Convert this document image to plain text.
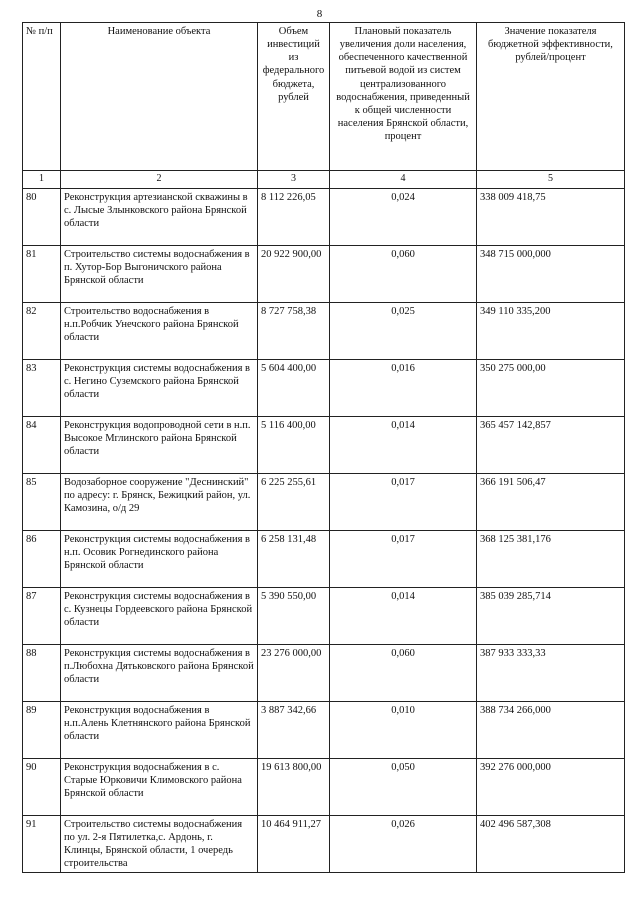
8
№ п/п	Наименование объекта	Объем инвестиций из федерального бюджета, рублей	Плановый показатель увеличения доли населения, обеспеченного качественной питьевой водой из систем централизованного водоснабжения, приведенный к общей численности населения Брянской области, процент	Значение показателя бюджетной эффективности, рублей/процент
1	2	3	4	5
80	Реконструкция артезианской скважины в с. Лысые Злынковского района Брянской области	8 112 226,05	0,024	338 009 418,75
81	Строительство системы водоснабжения в п. Хутор-Бор Выгоничского района Брянской области	20 922 900,00	0,060	348 715 000,000
82	Строительство водоснабжения в н.п.Робчик Унечского района Брянской области	8 727 758,38	0,025	349 110 335,200
83	Реконструкция системы водоснабжения в с. Негино Суземского района Брянской области	5 604 400,00	0,016	350 275 000,00
84	Реконструкция водопроводной сети в н.п. Высокое Мглинского района Брянской области	5 116 400,00	0,014	365 457 142,857
85	Водозаборное сооружение "Деснинский" по адресу: г. Брянск, Бежицкий район, ул. Камозина, о/д 29	6 225 255,61	0,017	366 191 506,47
86	Реконструкция системы водоснабжения в н.п. Осовик Рогнединского района Брянской области	6 258 131,48	0,017	368 125 381,176
87	Реконструкция системы водоснабжения в с. Кузнецы Гордеевского района Брянской области	5 390 550,00	0,014	385 039 285,714
88	Реконструкция системы водоснабжения в п.Любохна Дятьковского района Брянской области	23 276 000,00	0,060	387 933 333,33
89	Реконструкция водоснабжения в н.п.Алень Клетнянского района Брянской области	3 887 342,66	0,010	388 734 266,000
90	Реконструкция водоснабжения в с. Старые Юрковичи Климовского района Брянской области	19 613 800,00	0,050	392 276 000,000
91	Строительство системы водоснабжения по ул. 2-я Пятилетка,с. Ардонь, г. Клинцы, Брянской области, 1 очередь строительства	10 464 911,27	0,026	402 496 587,308
